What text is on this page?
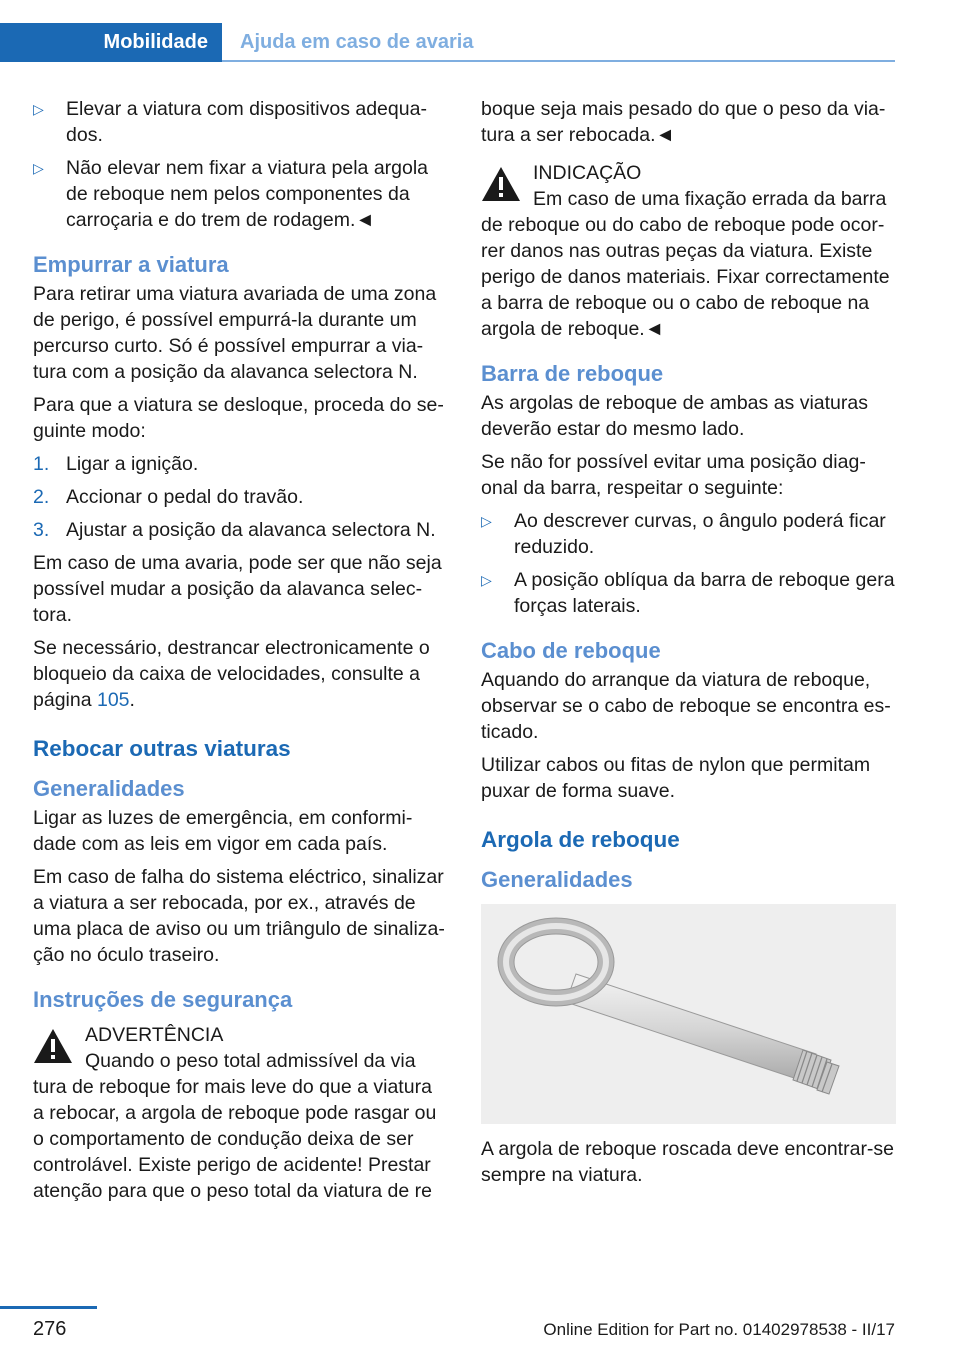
Mobilidade	Ajuda em caso de avaria
▷ Elevar a viatura com dispositivos adequados.
▷ Não elevar nem fixar a viatura pela argola de reboque nem pelos componentes da carroçaria e do trem de rodagem.◄
Empurrar a viatura

Para retirar uma viatura avariada de uma zona de perigo, é possível empurrá-la durante um percurso curto. Só é possível empurrar a viatura com a posição da alavanca selectora N.

Para que a viatura se desloque, proceda do seguinte modo:

1. Ligar a ignição.
2. Accionar o pedal do travão.
3. Ajustar a posição da alavanca selectora N.

Em caso de uma avaria, pode ser que não seja possível mudar a posição da alavanca selectora.

Se necessário, destrancar electronicamente o bloqueio da caixa de velocidades, consulte a página 105.

Rebocar outras viaturas
Generalidades

Ligar as luzes de emergência, em conformidade com as leis em vigor em cada país.

Em caso de falha do sistema eléctrico, sinalizar a viatura a ser rebocada, por ex., através de uma placa de aviso ou um triângulo de sinalização no óculo traseiro.

Instruções de segurança
ADVERTÊNCIA
Quando o peso total admissível da via
tura de reboque for mais leve do que a viatura a rebocar, a argola de reboque pode rasgar ou o comportamento de condução deixa de ser controlável. Existe perigo de acidente! Prestar atenção para que o peso total da viatura de re

boque seja mais pesado do que o peso da viatura a ser rebocada.◄

INDICAÇÃO
Em caso de uma fixação errada da barra
de reboque ou do cabo de reboque pode ocorrer danos nas outras peças da viatura. Existe perigo de danos materiais. Fixar correctamente a barra de reboque ou o cabo de reboque na argola de reboque.◄
Barra de reboque

As argolas de reboque de ambas as viaturas deverão estar do mesmo lado.

Se não for possível evitar uma posição diagonal da barra, respeitar o seguinte:

▷ Ao descrever curvas, o ângulo poderá ficar reduzido.
▷ A posição oblíqua da barra de reboque gera forças laterais.
Cabo de reboque

Aquando do arranque da viatura de reboque, observar se o cabo de reboque se encontra esticado.

Utilizar cabos ou fitas de nylon que permitam puxar de forma suave.

Argola de reboque
Generalidades

A argola de reboque roscada deve encontrar-se sempre na viatura.

276	Online Edition for Part no. 01402978538 - II/17
